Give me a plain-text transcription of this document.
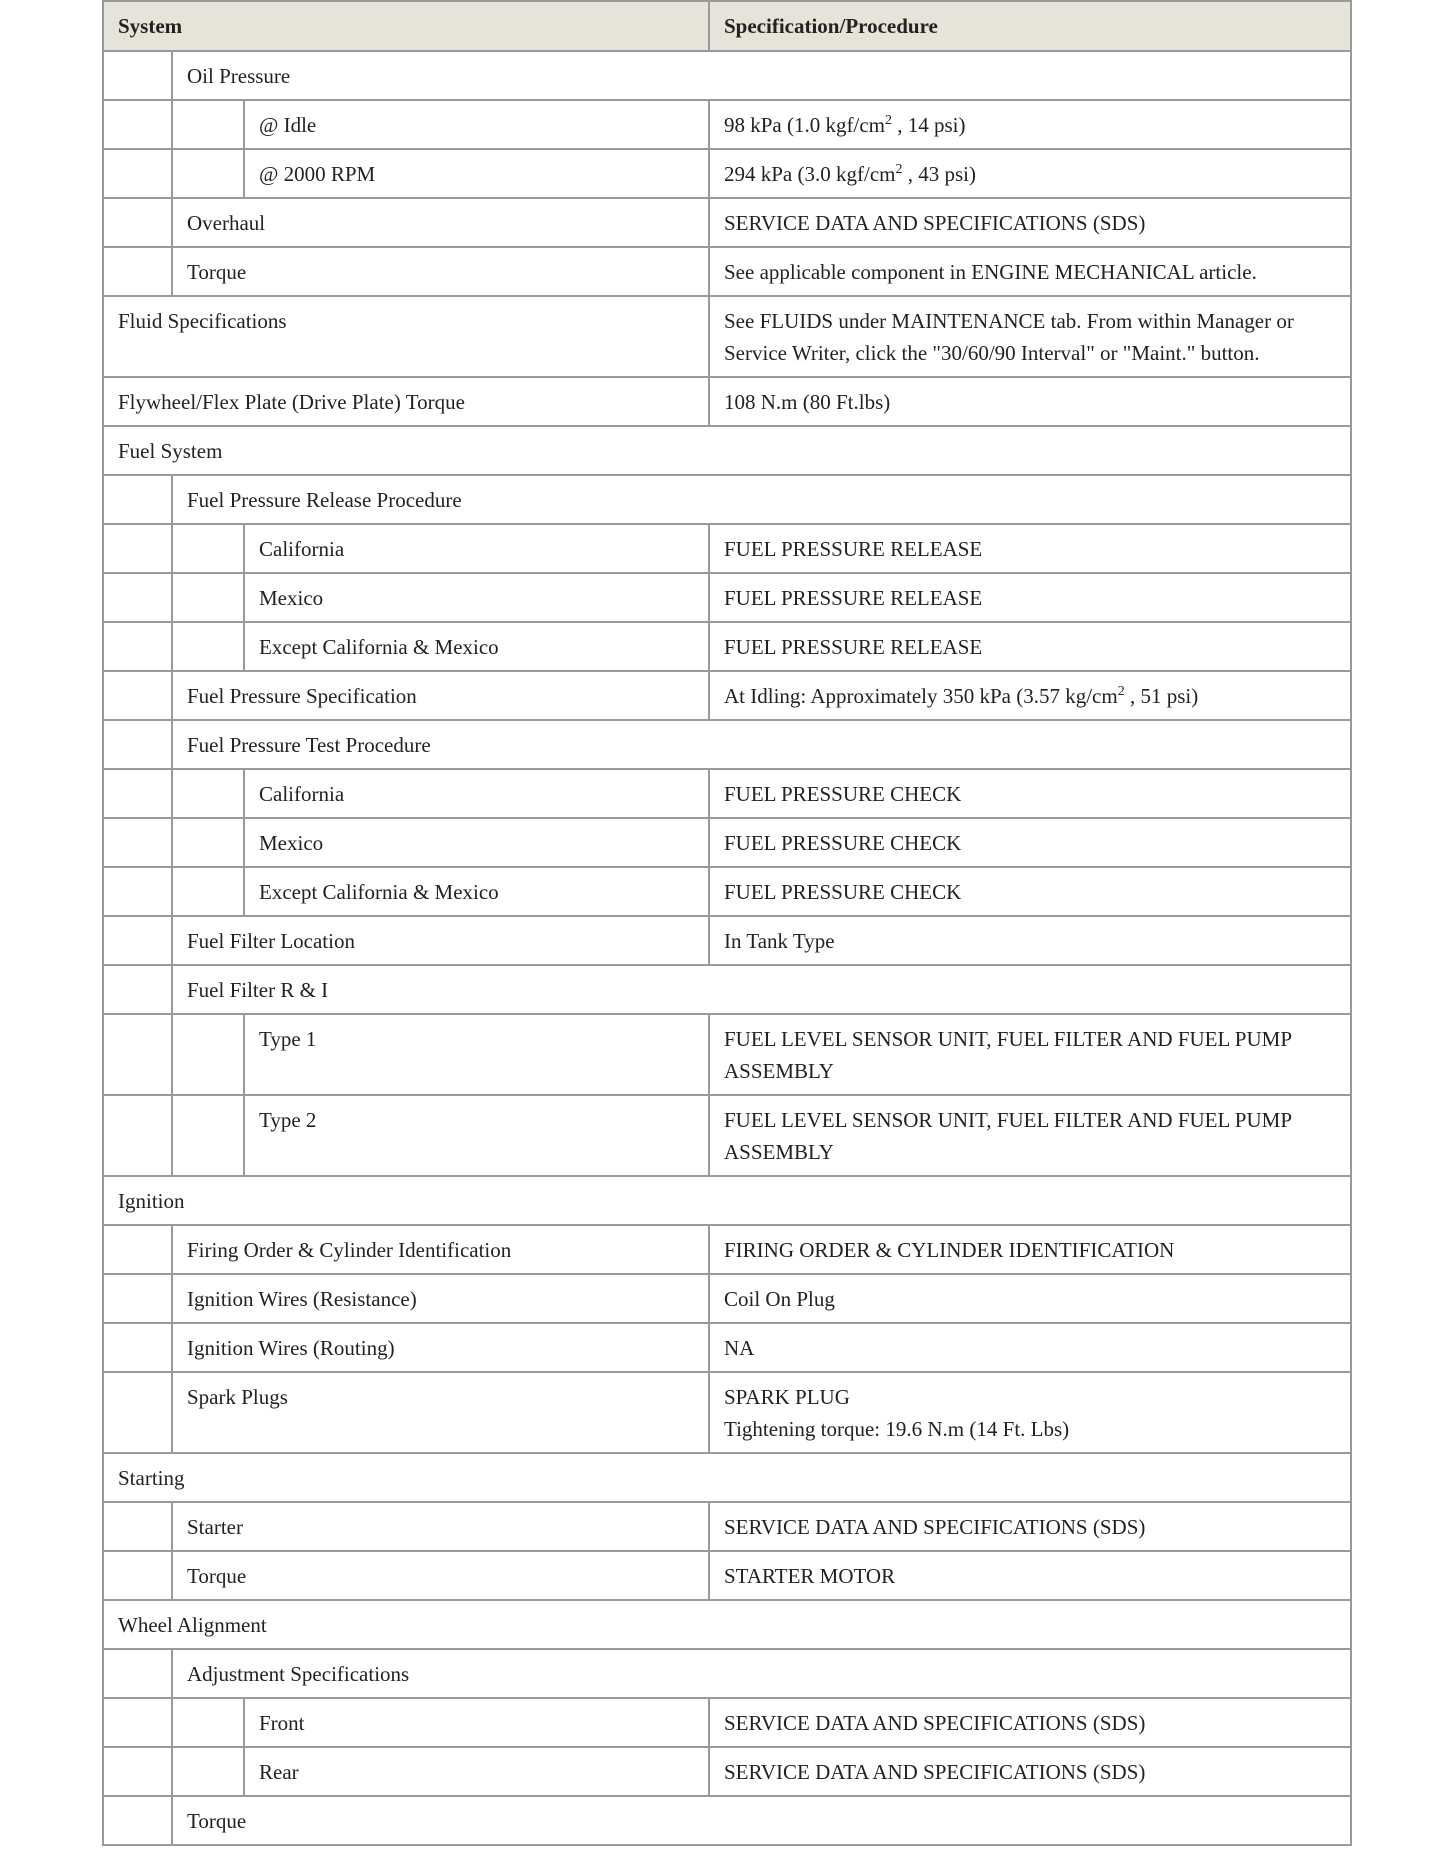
System			Specification/Procedure
	Oil Pressure		
		@ Idle	98 kPa (1.0 kgf/$cm^2$ , 14 psi)
		@ 2000 RPM	294 kPa (3.0 kgf/$cm^2$ , 43 psi)
	Overhaul		SERVICE DATA AND SPECIFICATIONS (SDS)
	Torque		See applicable component in ENGINE MECHANICAL article.
Fluid Specifications			See FLUIDS under MAINTENANCE tab. From within Manager or
Service Writer, click the "30/60/90 Interval" or "Maint." button.

Flywheel/Flex Plate (Drive Plate) Torque			108 N.m (80 Ft.lbs)
Fuel System			
	Fuel Pressure Release Procedure		
		California	FUEL PRESSURE RELEASE
		Mexico	FUEL PRESSURE RELEASE
		Except California & Mexico	FUEL PRESSURE RELEASE
	Fuel Pressure Specification		At Idling: Approximately 350 kPa (3.57 $kg/cm^2$ , 51 psi)
	Fuel Pressure Test Procedure		
		California	FUEL PRESSURE CHECK
		Mexico	FUEL PRESSURE CHECK
		Except California & Mexico	FUEL PRESSURE CHECK
	Fuel Filter Location		In Tank Type
	Fuel Filter R & I		
		Type 1	FUEL LEVEL SENSOR UNIT, FUEL FILTER AND FUEL PUMP
ASSEMBLY

		Type 2	FUEL LEVEL SENSOR UNIT, FUEL FILTER AND FUEL PUMP
ASSEMBLY

Ignition			
	Firing Order & Cylinder Identification		FIRING ORDER & CYLINDER IDENTIFICATION
	Ignition Wires (Resistance)		Coil On Plug
	Ignition Wires (Routing)		NA
	Spark Plugs		SPARK PLUG
Tightening torque: 19.6 N.m (14 Ft. Lbs)

Starting			
	Starter		SERVICE DATA AND SPECIFICATIONS (SDS)
	Torque		STARTER MOTOR
Wheel Alignment			
	Adjustment Specifications		
		Front	SERVICE DATA AND SPECIFICATIONS (SDS)
		Rear	SERVICE DATA AND SPECIFICATIONS (SDS)
	Torque		
